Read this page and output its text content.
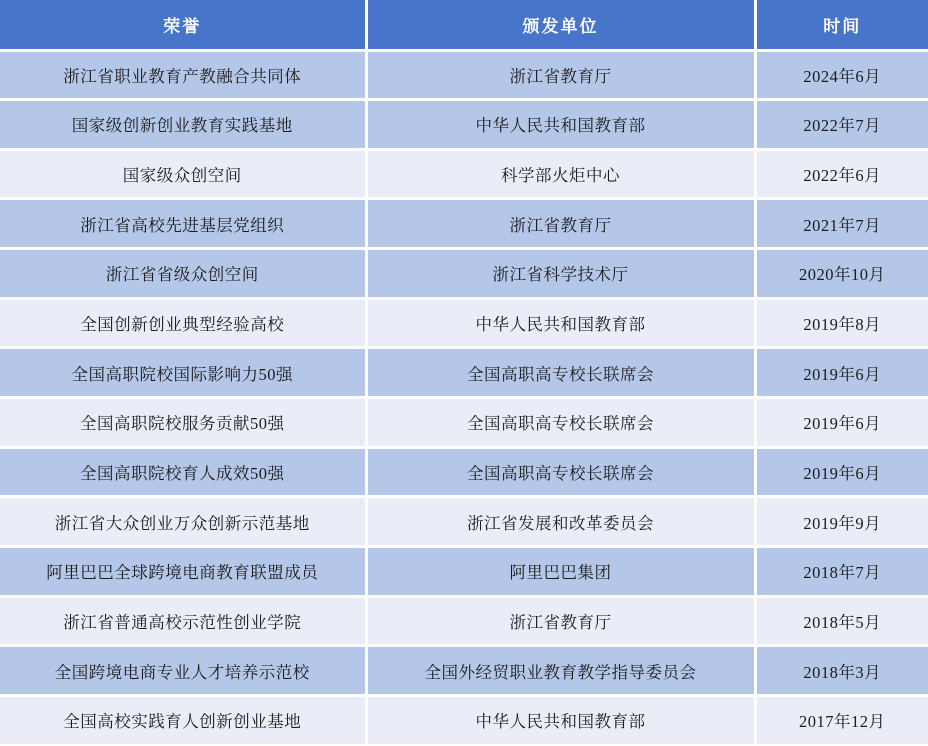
荣誉	颁发单位	时间
浙江省职业教育产教融合共同体	浙江省教育厅	2024年6月
国家级创新创业教育实践基地	中华人民共和国教育部	2022年7月
国家级众创空间	科学部火炬中心	2022年6月
浙江省高校先进基层党组织	浙江省教育厅	2021年7月
浙江省省级众创空间	浙江省科学技术厅	2020年10月
全国创新创业典型经验高校	中华人民共和国教育部	2019年8月
全国高职院校国际影响力50强	全国高职高专校长联席会	2019年6月
全国高职院校服务贡献50强	全国高职高专校长联席会	2019年6月
全国高职院校育人成效50强	全国高职高专校长联席会	2019年6月
浙江省大众创业万众创新示范基地	浙江省发展和改革委员会	2019年9月
阿里巴巴全球跨境电商教育联盟成员	阿里巴巴集团	2018年7月
浙江省普通高校示范性创业学院	浙江省教育厅	2018年5月
全国跨境电商专业人才培养示范校	全国外经贸职业教育教学指导委员会	2018年3月
全国高校实践育人创新创业基地	中华人民共和国教育部	2017年12月
